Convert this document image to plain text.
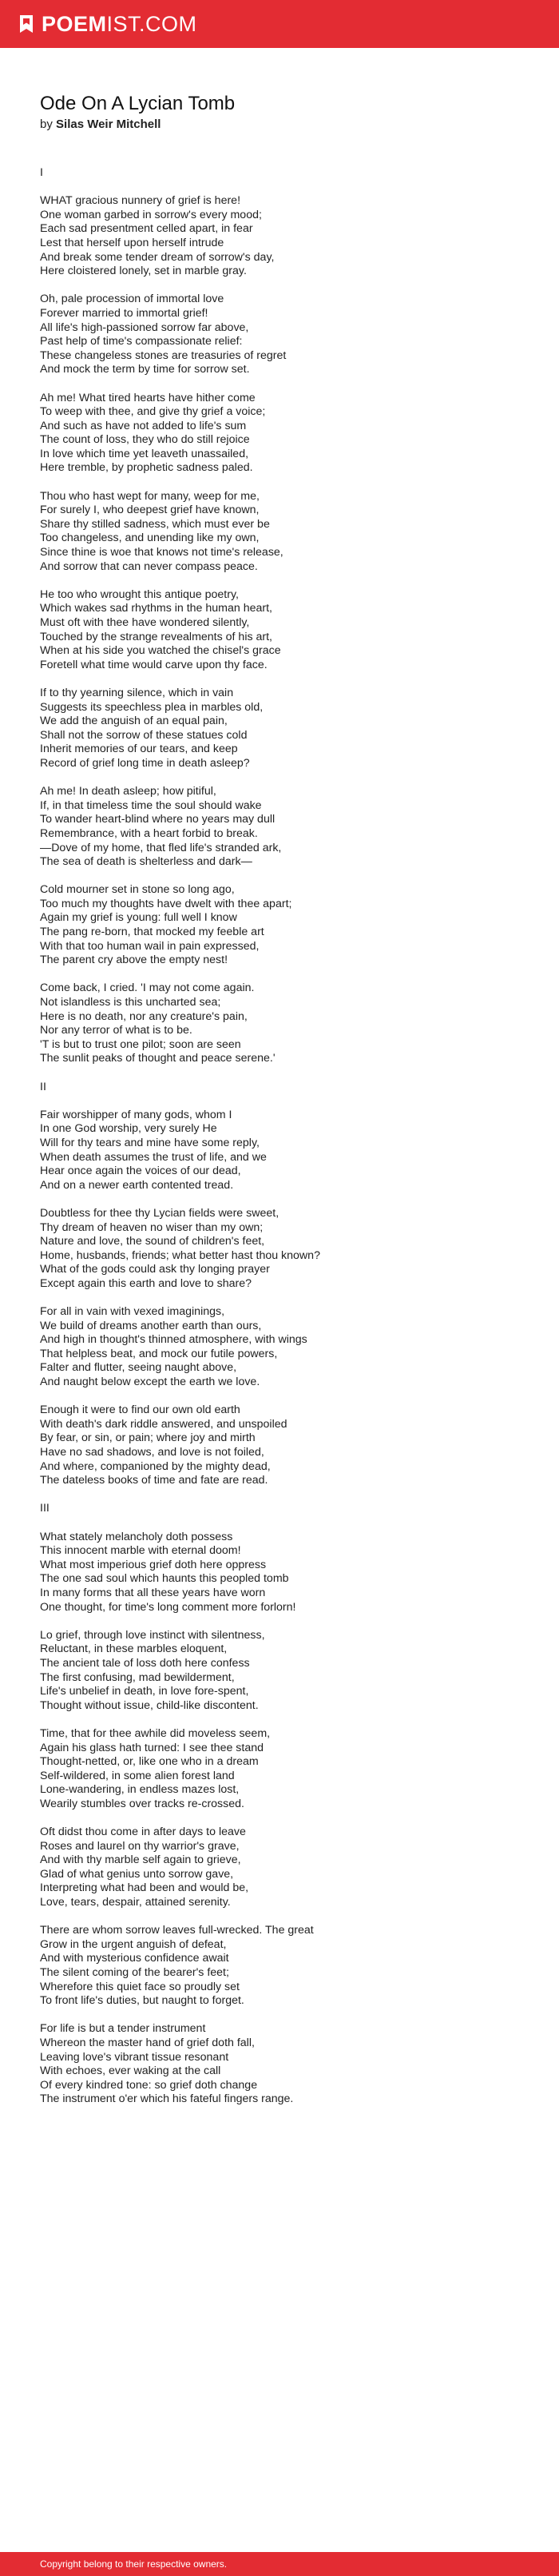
POEMIST.COM
Ode On A Lycian Tomb
by Silas Weir Mitchell
I
WHAT gracious nunnery of grief is here!
One woman garbed in sorrow's every mood;
Each sad presentment celled apart, in fear
Lest that herself upon herself intrude
And break some tender dream of sorrow's day,
Here cloistered lonely, set in marble gray.
Oh, pale procession of immortal love
Forever married to immortal grief!
All life's high-passioned sorrow far above,
Past help of time's compassionate relief:
These changeless stones are treasuries of regret
And mock the term by time for sorrow set.
Ah me! What tired hearts have hither come
To weep with thee, and give thy grief a voice;
And such as have not added to life's sum
The count of loss, they who do still rejoice
In love which time yet leaveth unassailed,
Here tremble, by prophetic sadness paled.
Thou who hast wept for many, weep for me,
For surely I, who deepest grief have known,
Share thy stilled sadness, which must ever be
Too changeless, and unending like my own,
Since thine is woe that knows not time's release,
And sorrow that can never compass peace.
He too who wrought this antique poetry,
Which wakes sad rhythms in the human heart,
Must oft with thee have wondered silently,
Touched by the strange revealments of his art,
When at his side you watched the chisel's grace
Foretell what time would carve upon thy face.
If to thy yearning silence, which in vain
Suggests its speechless plea in marbles old,
We add the anguish of an equal pain,
Shall not the sorrow of these statues cold
Inherit memories of our tears, and keep
Record of grief long time in death asleep?
Ah me! In death asleep; how pitiful,
If, in that timeless time the soul should wake
To wander heart-blind where no years may dull
Remembrance, with a heart forbid to break.
—Dove of my home, that fled life's stranded ark,
The sea of death is shelterless and dark—
Cold mourner set in stone so long ago,
Too much my thoughts have dwelt with thee apart;
Again my grief is young: full well I know
The pang re-born, that mocked my feeble art
With that too human wail in pain expressed,
The parent cry above the empty nest!
Come back, I cried. 'I may not come again.
Not islandless is this uncharted sea;
Here is no death, nor any creature's pain,
Nor any terror of what is to be.
'T is but to trust one pilot; soon are seen
The sunlit peaks of thought and peace serene.'
II
Fair worshipper of many gods, whom I
In one God worship, very surely He
Will for thy tears and mine have some reply,
When death assumes the trust of life, and we
Hear once again the voices of our dead,
And on a newer earth contented tread.
Doubtless for thee thy Lycian fields were sweet,
Thy dream of heaven no wiser than my own;
Nature and love, the sound of children's feet,
Home, husbands, friends; what better hast thou known?
What of the gods could ask thy longing prayer
Except again this earth and love to share?
For all in vain with vexed imaginings,
We build of dreams another earth than ours,
And high in thought's thinned atmosphere, with wings
That helpless beat, and mock our futile powers,
Falter and flutter, seeing naught above,
And naught below except the earth we love.
Enough it were to find our own old earth
With death's dark riddle answered, and unspoiled
By fear, or sin, or pain; where joy and mirth
Have no sad shadows, and love is not foiled,
And where, companioned by the mighty dead,
The dateless books of time and fate are read.
III
What stately melancholy doth possess
This innocent marble with eternal doom!
What most imperious grief doth here oppress
The one sad soul which haunts this peopled tomb
In many forms that all these years have worn
One thought, for time's long comment more forlorn!
Lo grief, through love instinct with silentness,
Reluctant, in these marbles eloquent,
The ancient tale of loss doth here confess
The first confusing, mad bewilderment,
Life's unbelief in death, in love fore-spent,
Thought without issue, child-like discontent.
Time, that for thee awhile did moveless seem,
Again his glass hath turned: I see thee stand
Thought-netted, or, like one who in a dream
Self-wildered, in some alien forest land
Lone-wandering, in endless mazes lost,
Wearily stumbles over tracks re-crossed.
Oft didst thou come in after days to leave
Roses and laurel on thy warrior's grave,
And with thy marble self again to grieve,
Glad of what genius unto sorrow gave,
Interpreting what had been and would be,
Love, tears, despair, attained serenity.
There are whom sorrow leaves full-wrecked. The great
Grow in the urgent anguish of defeat,
And with mysterious confidence await
The silent coming of the bearer's feet;
Wherefore this quiet face so proudly set
To front life's duties, but naught to forget.
For life is but a tender instrument
Whereon the master hand of grief doth fall,
Leaving love's vibrant tissue resonant
With echoes, ever waking at the call
Of every kindred tone: so grief doth change
The instrument o'er which his fateful fingers range.
Copyright belong to their respective owners.
